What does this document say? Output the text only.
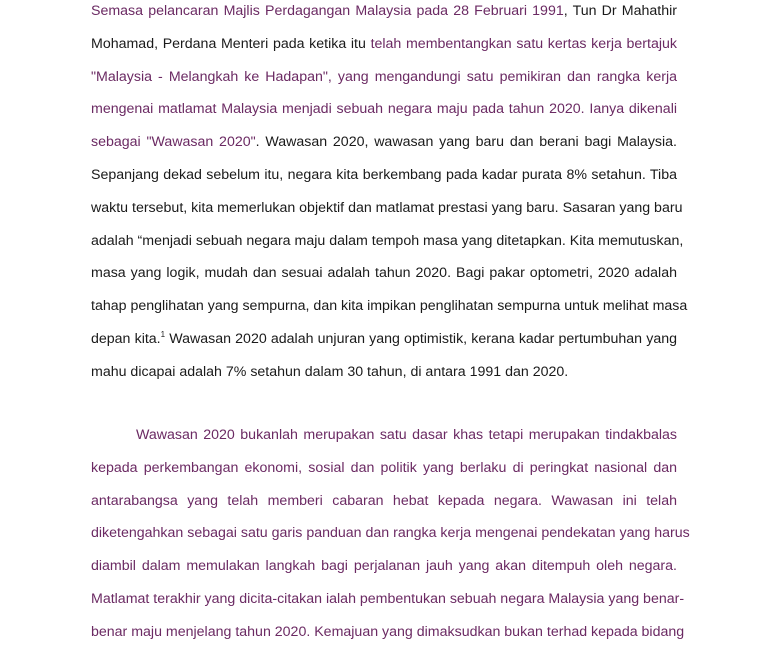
Semasa pelancaran Majlis Perdagangan Malaysia pada 28 Februari 1991, Tun Dr Mahathir
Mohamad, Perdana Menteri pada ketika itu telah membentangkan satu kertas kerja bertajuk
"Malaysia - Melangkah ke Hadapan", yang mengandungi satu pemikiran dan rangka kerja
mengenai matlamat Malaysia menjadi sebuah negara maju pada tahun 2020. Ianya dikenali
sebagai "Wawasan 2020". Wawasan 2020, wawasan yang baru dan berani bagi Malaysia.
Sepanjang dekad sebelum itu, negara kita berkembang pada kadar purata 8% setahun. Tiba
waktu tersebut, kita memerlukan objektif dan matlamat prestasi yang baru. Sasaran yang baru
adalah “menjadi sebuah negara maju dalam tempoh masa yang ditetapkan. Kita memutuskan,
masa yang logik, mudah dan sesuai adalah tahun 2020. Bagi pakar optometri, 2020 adalah
tahap penglihatan yang sempurna, dan kita impikan penglihatan sempurna untuk melihat masa
depan kita.$^1$ Wawasan 2020 adalah unjuran yang optimistik, kerana kadar pertumbuhan yang
mahu dicapai adalah 7% setahun dalam 30 tahun, di antara 1991 dan 2020.
Wawasan 2020 bukanlah merupakan satu dasar khas tetapi merupakan tindakbalas
kepada perkembangan ekonomi, sosial dan politik yang berlaku di peringkat nasional dan
antarabangsa yang telah memberi cabaran hebat kepada negara. Wawasan ini telah
diketengahkan sebagai satu garis panduan dan rangka kerja mengenai pendekatan yang harus
diambil dalam memulakan langkah bagi perjalanan jauh yang akan ditempuh oleh negara.
Matlamat terakhir yang dicita-citakan ialah pembentukan sebuah negara Malaysia yang benar-
benar maju menjelang tahun 2020. Kemajuan yang dimaksudkan bukan terhad kepada bidang
